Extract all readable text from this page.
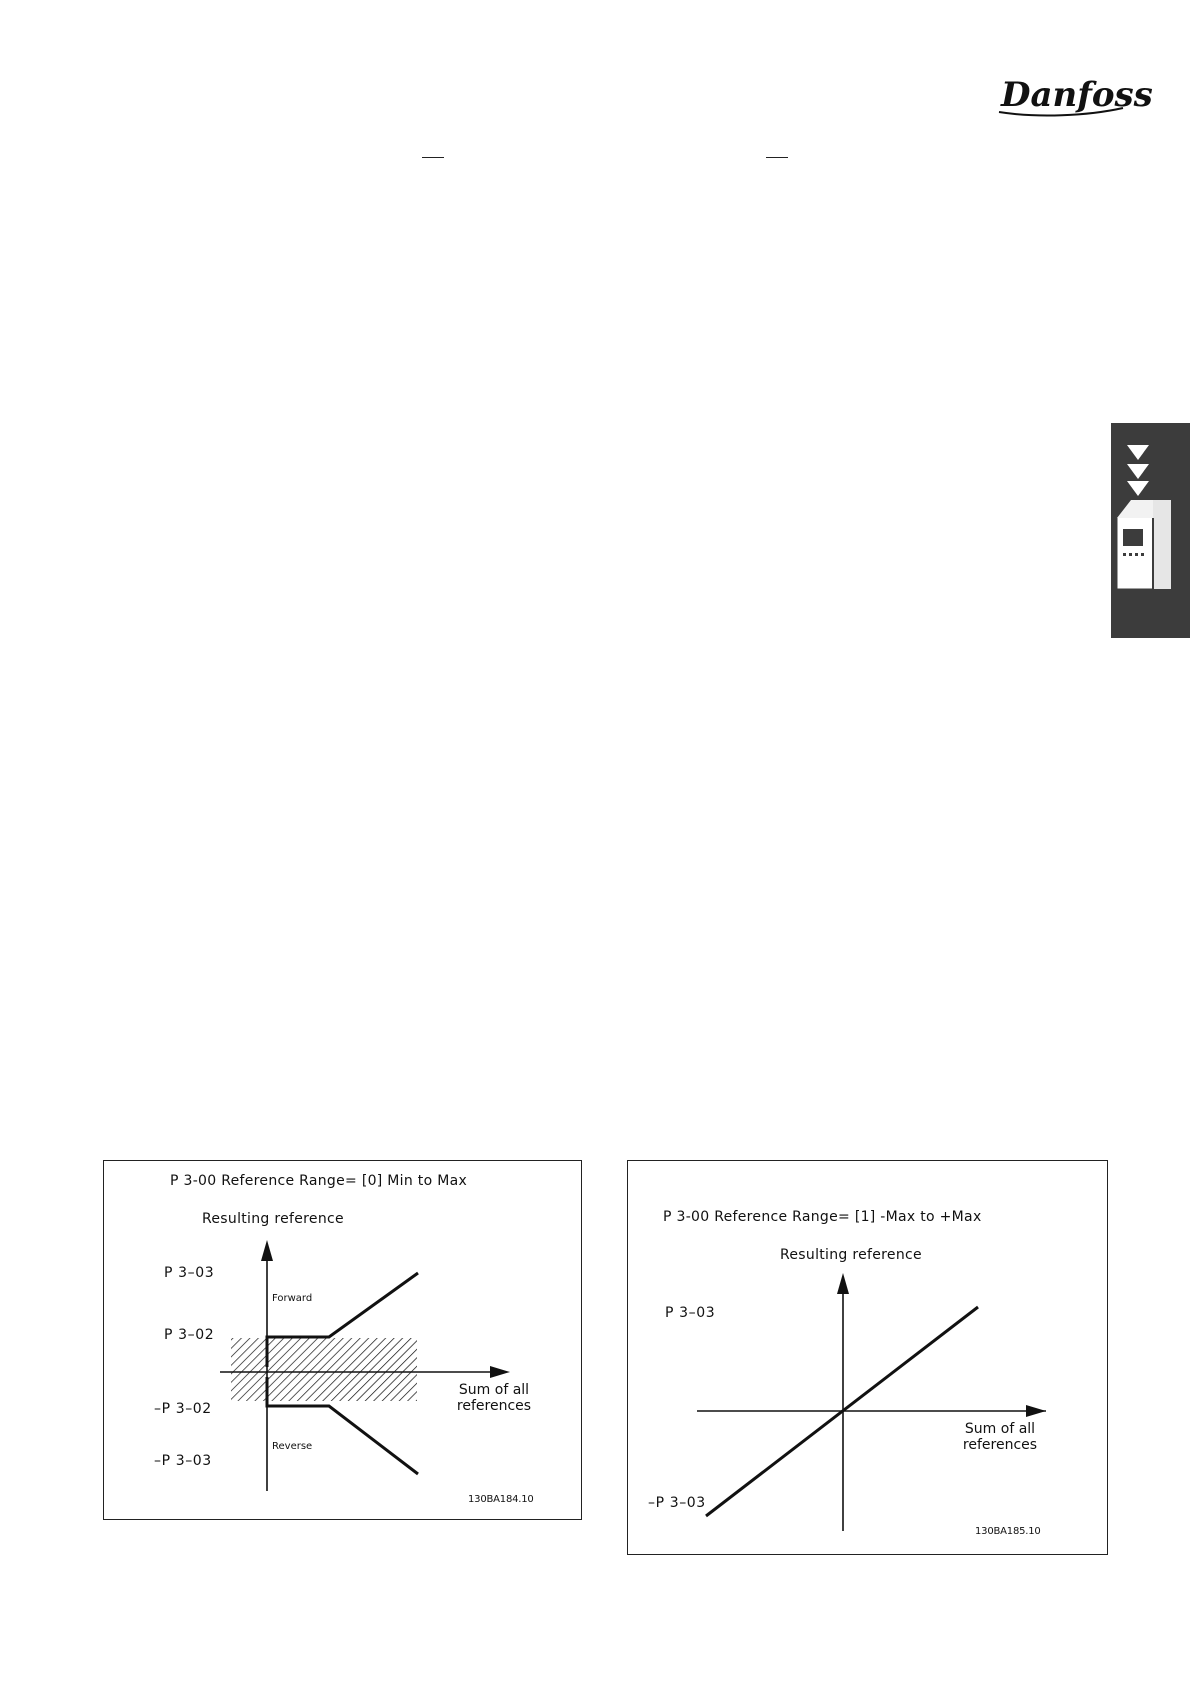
Danfoss
P 3-00 Reference Range= [0] Min to Max
Resulting reference
P 3–03
P 3–02
–P 3–02
–P 3–03
Forward
Reverse
Sum of all
references
130BA184.10
P 3-00 Reference Range= [1] -Max to +Max
Resulting reference
P 3–03
–P 3–03
Sum of all
references
130BA185.10
